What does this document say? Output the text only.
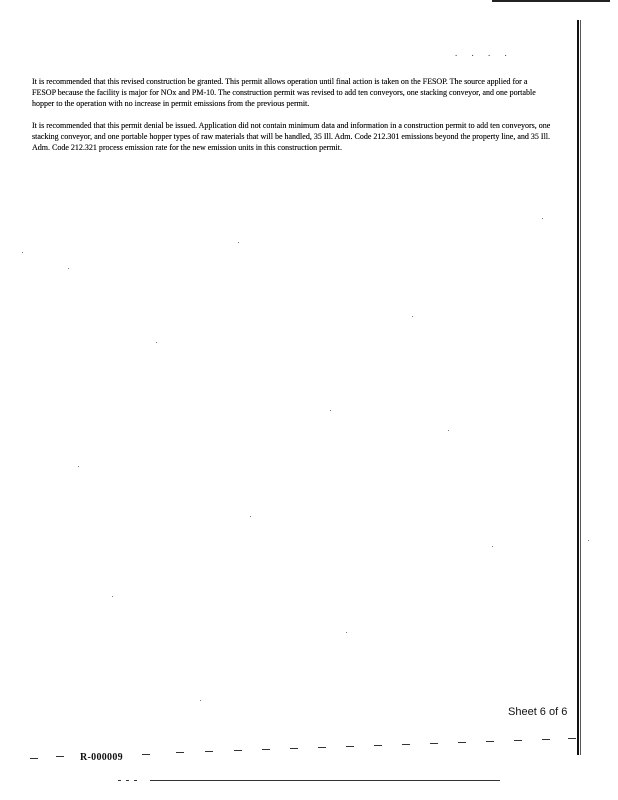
. . . .
It is recommended that this revised construction be granted. This permit allows operation until final action is taken on the FESOP. The source applied for a FESOP because the facility is major for NOx and PM-10. The construction permit was revised to add ten conveyors, one stacking conveyor, and one portable hopper to the operation with no increase in permit emissions from the previous permit.
It is recommended that this permit denial be issued. Application did not contain minimum data and information in a construction permit to add ten conveyors, one stacking conveyor, and one portable hopper types of raw materials that will be handled, 35 Ill. Adm. Code 212.301 emissions beyond the property line, and 35 Ill. Adm. Code 212.321 process emission rate for the new emission units in this construction permit.
Sheet 6 of 6
R-000009
